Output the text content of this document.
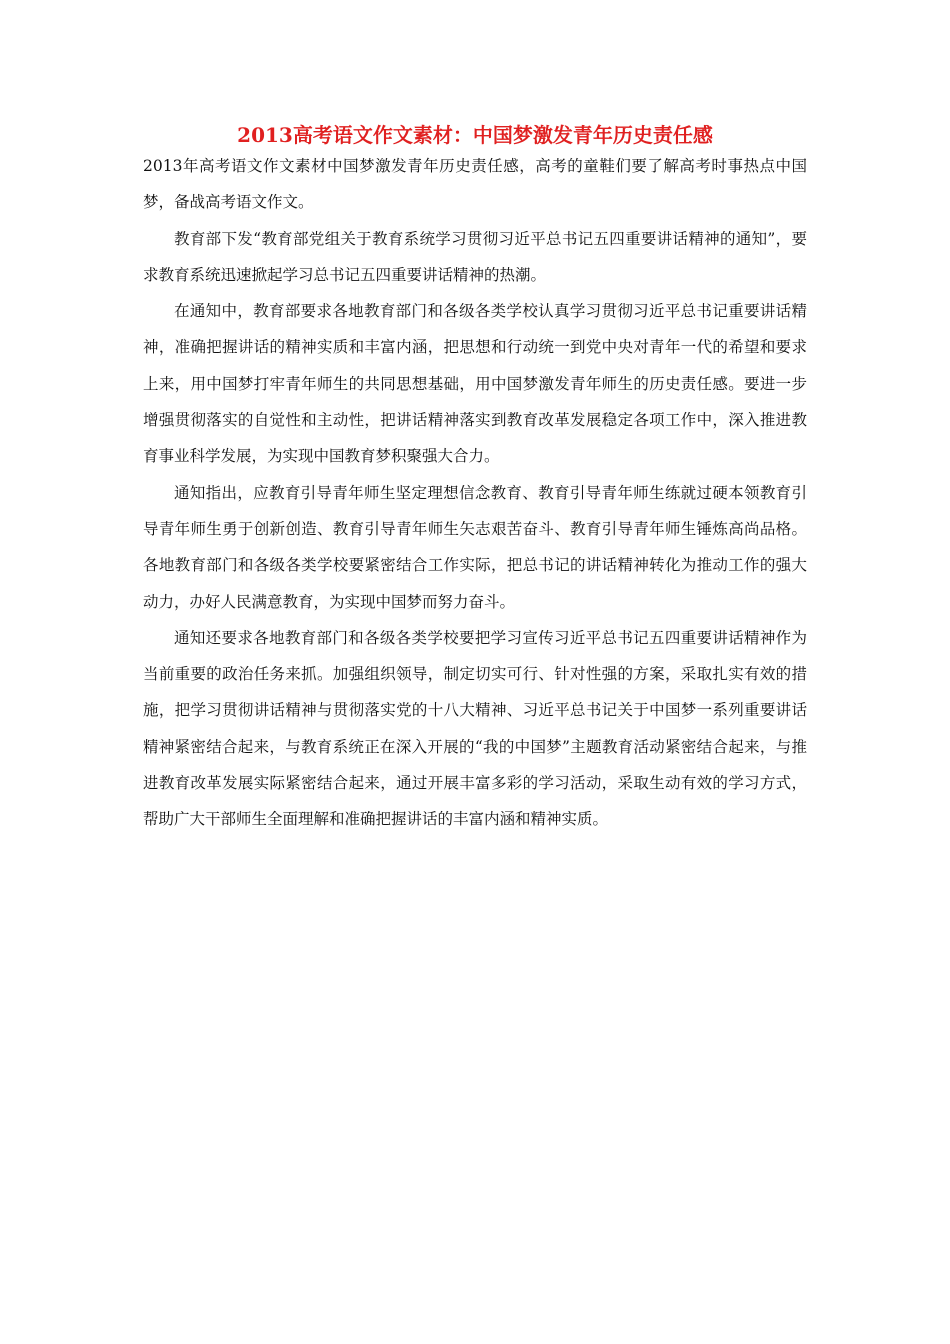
2013高考语文作文素材：中国梦激发青年历史责任感

2013年高考语文作文素材中国梦激发青年历史责任感，高考的童鞋们要了解高考时事热点中国梦，备战高考语文作文。

教育部下发“教育部党组关于教育系统学习贯彻习近平总书记五四重要讲话精神的通知”，要求教育系统迅速掀起学习总书记五四重要讲话精神的热潮。

在通知中，教育部要求各地教育部门和各级各类学校认真学习贯彻习近平总书记重要讲话精神，准确把握讲话的精神实质和丰富内涵，把思想和行动统一到党中央对青年一代的希望和要求上来，用中国梦打牢青年师生的共同思想基础，用中国梦激发青年师生的历史责任感。要进一步增强贯彻落实的自觉性和主动性，把讲话精神落实到教育改革发展稳定各项工作中，深入推进教育事业科学发展，为实现中国教育梦积聚强大合力。

通知指出，应教育引导青年师生坚定理想信念教育、教育引导青年师生练就过硬本领教育引导青年师生勇于创新创造、教育引导青年师生矢志艰苦奋斗、教育引导青年师生锤炼高尚品格。各地教育部门和各级各类学校要紧密结合工作实际，把总书记的讲话精神转化为推动工作的强大动力，办好人民满意教育，为实现中国梦而努力奋斗。

通知还要求各地教育部门和各级各类学校要把学习宣传习近平总书记五四重要讲话精神作为当前重要的政治任务来抓。加强组织领导，制定切实可行、针对性强的方案，采取扎实有效的措施，把学习贯彻讲话精神与贯彻落实党的十八大精神、习近平总书记关于中国梦一系列重要讲话精神紧密结合起来，与教育系统正在深入开展的“我的中国梦”主题教育活动紧密结合起来，与推进教育改革发展实际紧密结合起来，通过开展丰富多彩的学习活动，采取生动有效的学习方式，帮助广大干部师生全面理解和准确把握讲话的丰富内涵和精神实质。
